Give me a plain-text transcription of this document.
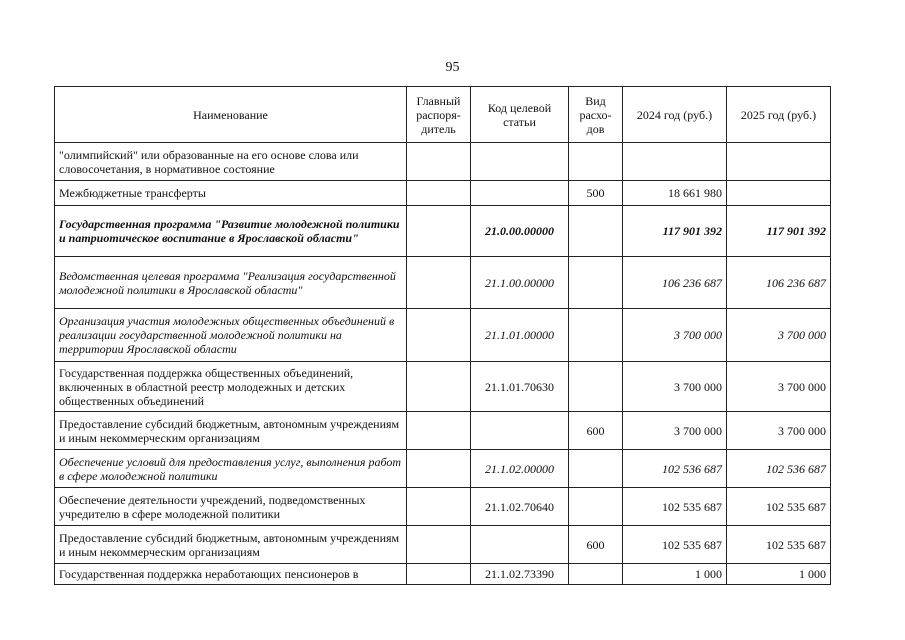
95
Наименование	Главный распоря-дитель	Код целевой статьи	Вид расхо-дов	2024 год (руб.)	2025 год (руб.)
"олимпийский" или образованные на его основе слова или словосочетания, в нормативное состояние					
Межбюджетные трансферты			500	18 661 980	
Государственная программа "Развитие молодежной политики и патриотическое воспитание в Ярославской области"		21.0.00.00000		117 901 392	117 901 392
Ведомственная целевая программа "Реализация государственной молодежной политики в Ярославской области"		21.1.00.00000		106 236 687	106 236 687
Организация участия молодежных общественных объединений в реализации государственной молодежной политики на территории Ярославской области		21.1.01.00000		3 700 000	3 700 000
Государственная поддержка общественных объединений, включенных в областной реестр молодежных и детских общественных объединений		21.1.01.70630		3 700 000	3 700 000
Предоставление субсидий бюджетным, автономным учреждениям и иным некоммерческим организациям			600	3 700 000	3 700 000
Обеспечение условий для предоставления услуг, выполнения работ в сфере молодежной политики		21.1.02.00000		102 536 687	102 536 687
Обеспечение деятельности учреждений, подведомственных учредителю в сфере молодежной политики		21.1.02.70640		102 535 687	102 535 687
Предоставление субсидий бюджетным, автономным учреждениям и иным некоммерческим организациям			600	102 535 687	102 535 687
Государственная поддержка неработающих пенсионеров в		21.1.02.73390		1 000	1 000
